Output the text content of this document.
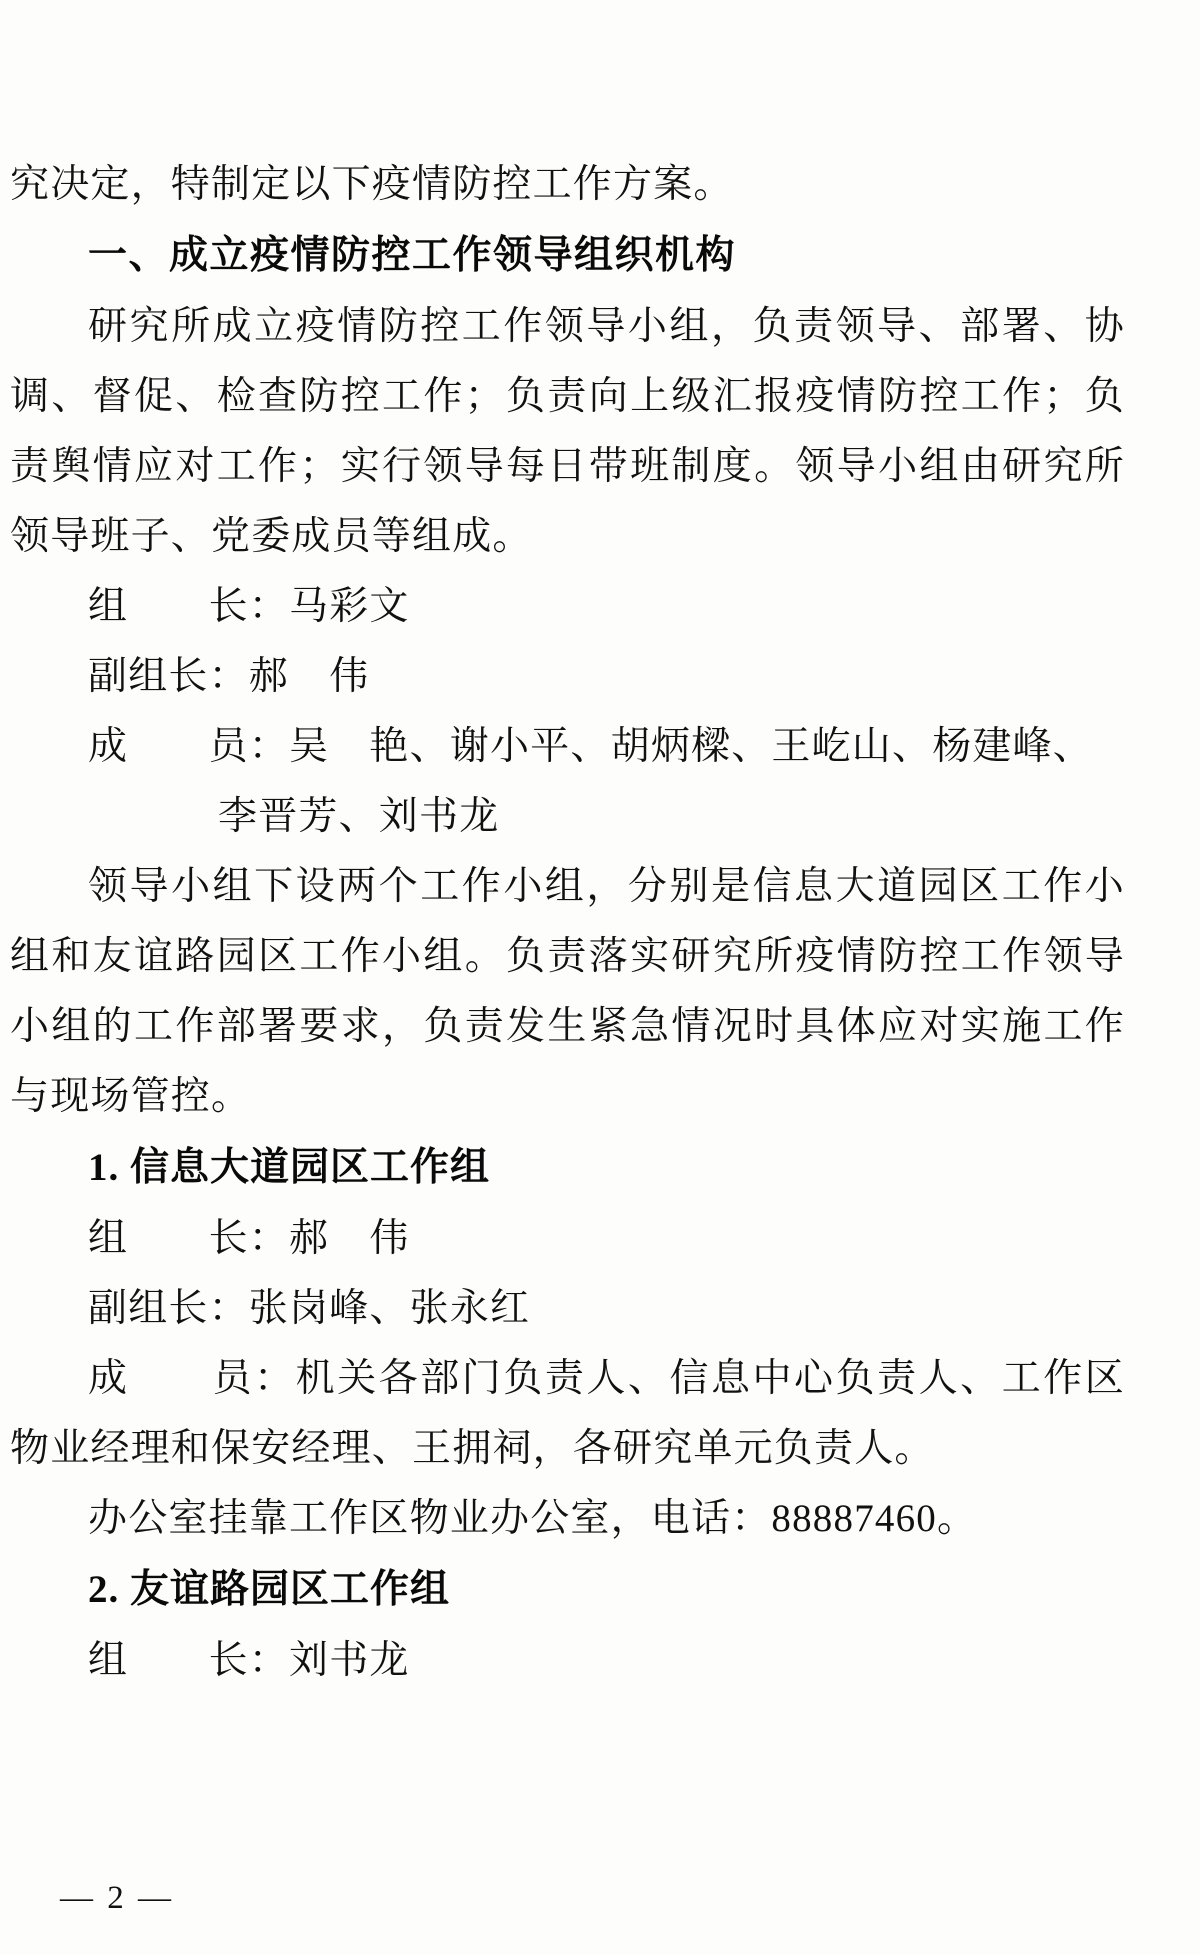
究决定，特制定以下疫情防控工作方案。

一、成立疫情防控工作领导组织机构

研究所成立疫情防控工作领导小组，负责领导、部署、协调、督促、检查防控工作；负责向上级汇报疫情防控工作；负责舆情应对工作；实行领导每日带班制度。领导小组由研究所领导班子、党委成员等组成。

组　　长：马彩文

副组长：郝　伟

成　　员：吴　艳、谢小平、胡炳樑、王屹山、杨建峰、

李晋芳、刘书龙

领导小组下设两个工作小组，分别是信息大道园区工作小组和友谊路园区工作小组。负责落实研究所疫情防控工作领导小组的工作部署要求，负责发生紧急情况时具体应对实施工作与现场管控。

1. 信息大道园区工作组

组　　长：郝　伟

副组长：张岗峰、张永红

成　　员：机关各部门负责人、信息中心负责人、工作区物业经理和保安经理、王拥祠，各研究单元负责人。

办公室挂靠工作区物业办公室，电话：88887460。

2. 友谊路园区工作组

组　　长：刘书龙

— 2 —
